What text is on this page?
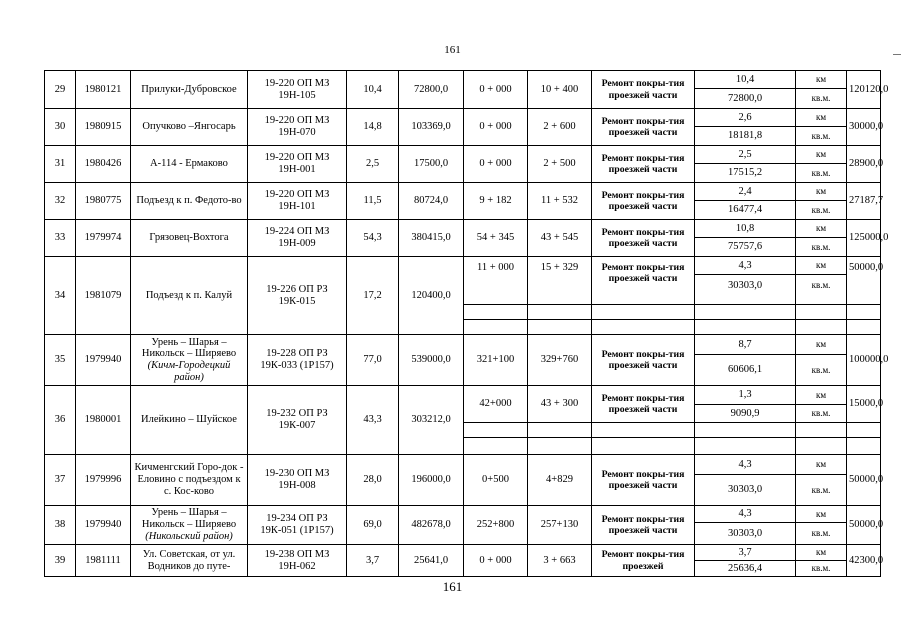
161
29	1980121	Прилуки-Дубровское	19-220 ОП МЗ 19Н-105	10,4	72800,0	0 + 000	10 + 400	Ремонт покры-тия проезжей части	10,4	км	120120,0
									72800,0	кв.м.	
30	1980915	Опучково –Янгосарь	19-220 ОП МЗ 19Н-070	14,8	103369,0	0 + 000	2 + 600	Ремонт покры-тия проезжей части	2,6	км	30000,0
									18181,8	кв.м.	
31	1980426	А-114 - Ермаково	19-220 ОП МЗ 19Н-001	2,5	17500,0	0 + 000	2 + 500	Ремонт покры-тия проезжей части	2,5	км	28900,0
									17515,2	кв.м.	
32	1980775	Подъезд к п. Федото-во	19-220 ОП МЗ 19Н-101	11,5	80724,0	9 + 182	11 + 532	Ремонт покры-тия проезжей части	2,4	км	27187,7
									16477,4	кв.м.	
33	1979974	Грязовец-Вохтога	19-224 ОП МЗ 19Н-009	54,3	380415,0	54 + 345	43 + 545	Ремонт покры-тия проезжей части	10,8	км	125000,0
									75757,6	кв.м.	
34	1981079	Подъезд к п. Калуй	19-226 ОП РЗ 19К-015	17,2	120400,0	11 + 000	15 + 329	Ремонт покры-тия проезжей части	4,3	км	50000,0
									30303,0	кв.м.	

35	1979940	Урень – Шарья – Никольск – Ширяево
(Кичм-Городецкий район)	19-228 ОП РЗ 19К-033 (1Р157)	77,0	539000,0	321+100	329+760	Ремонт покры-тия проезжей части	8,7	км	100000,0
									60606,1	кв.м.	
36	1980001	Илейкино – Шуйское	19-232 ОП РЗ 19К-007	43,3	303212,0	42+000	43 + 300	Ремонт покры-тия проезжей части	1,3	км	15000,0
									9090,9	кв.м.	

37	1979996	Кичменгский Горо-док - Еловино с подъездом к с. Кос-ково	19-230 ОП МЗ 19Н-008	28,0	196000,0	0+500	4+829	Ремонт покры-тия проезжей части	4,3	км	50000,0
									30303,0	кв.м.	
38	1979940	Урень – Шарья – Никольск – Ширяево
(Никольский район)	19-234 ОП РЗ 19К-051 (1Р157)	69,0	482678,0	252+800	257+130	Ремонт покры-тия проезжей части	4,3	км	50000,0
									30303,0	кв.м.	
39	1981111	Ул. Советская, от ул. Водников до путе-	19-238 ОП МЗ 19Н-062	3,7	25641,0	0 + 000	3 + 663	Ремонт покры-тия проезжей	3,7	км	42300,0
									25636,4	кв.м.	
161
